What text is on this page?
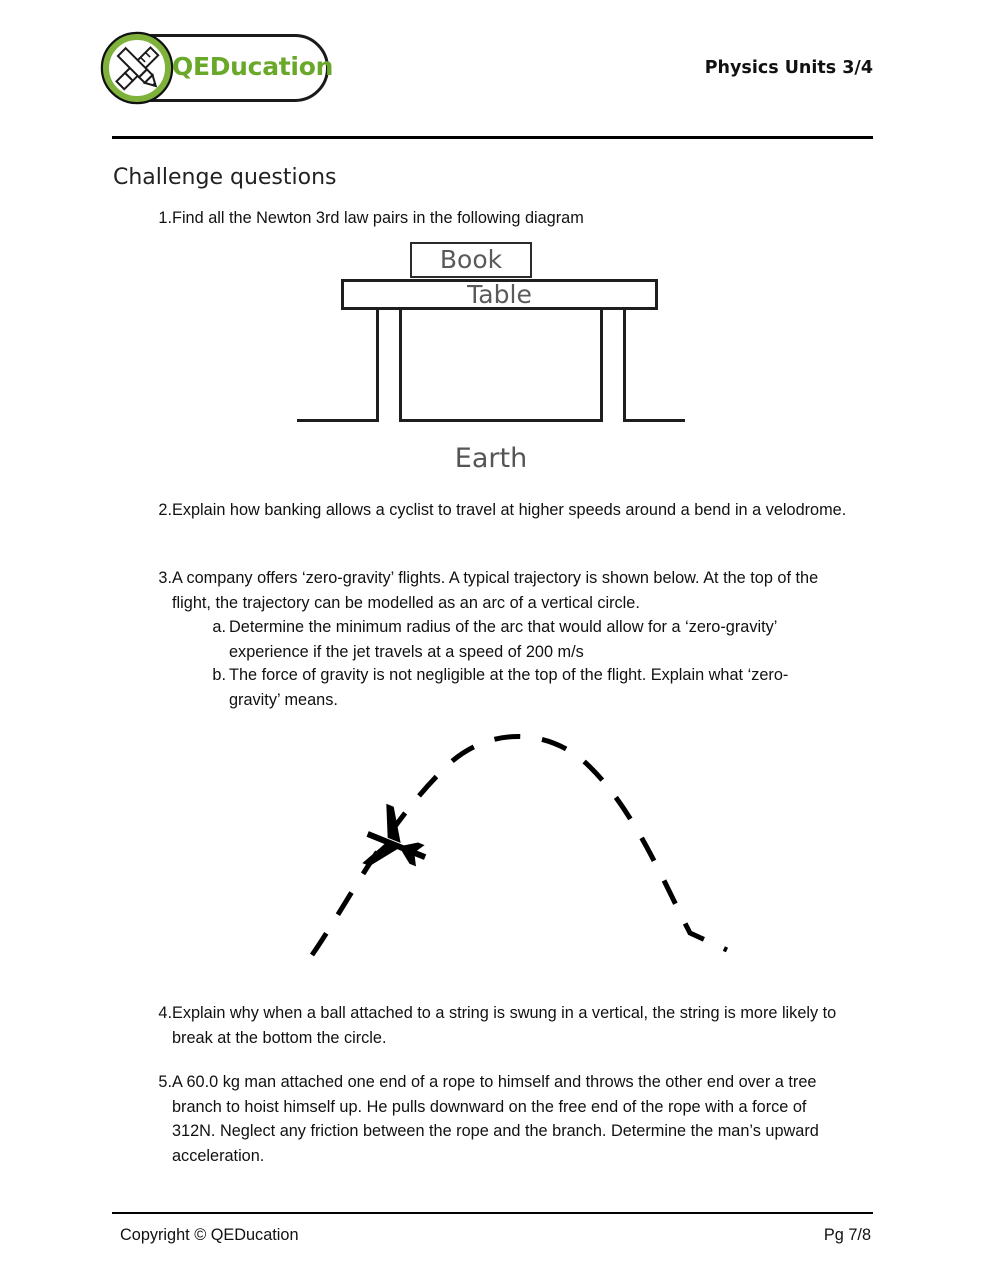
QEDucation	Physics Units 3/4
Challenge questions
1. Find all the Newton 3rd law pairs in the following diagram
Book
Table
Earth
2. Explain how banking allows a cyclist to travel at higher speeds around a bend in a velodrome.
3. A company offers ‘zero-gravity’ flights. A typical trajectory is shown below. At the top of the flight, the trajectory can be modelled as an arc of a vertical circle.
a. Determine the minimum radius of the arc that would allow for a ‘zero-gravity’ experience if the jet travels at a speed of 200 m/s
b. The force of gravity is not negligible at the top of the flight. Explain what ‘zero-gravity’ means.
4. Explain why when a ball attached to a string is swung in a vertical, the string is more likely to break at the bottom the circle.
5. A 60.0 kg man attached one end of a rope to himself and throws the other end over a tree branch to hoist himself up. He pulls downward on the free end of the rope with a force of 312N. Neglect any friction between the rope and the branch. Determine the man’s upward acceleration.
Copyright © QEDucation	Pg 7/8
